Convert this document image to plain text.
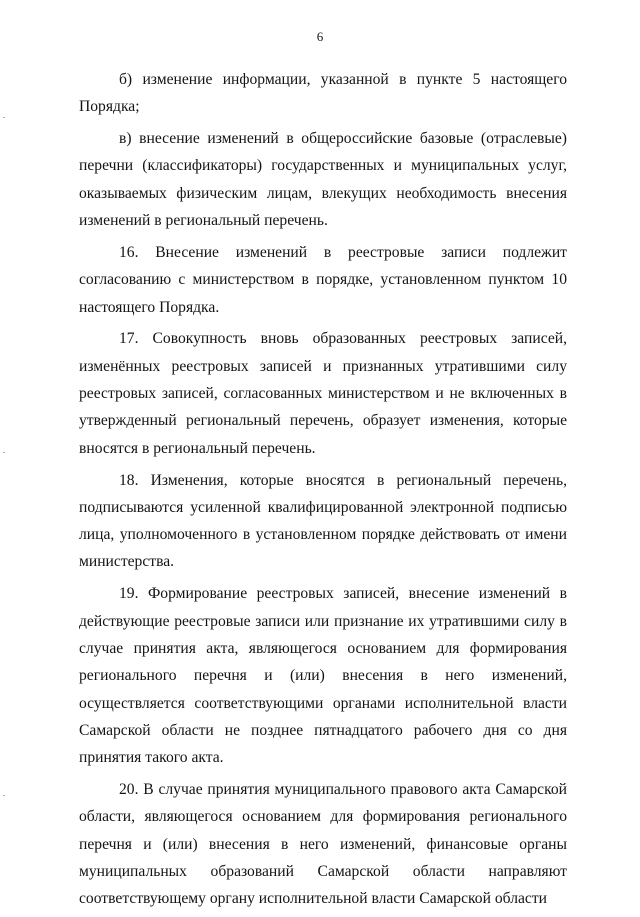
6

б) изменение информации, указанной в пункте 5 настоящего Порядка;

в) внесение изменений в общероссийские базовые (отраслевые) перечни (классификаторы) государственных и муниципальных услуг, оказываемых физическим лицам, влекущих необходимость внесения изменений в региональный перечень.

16. Внесение изменений в реестровые записи подлежит согласованию с министерством в порядке, установленном пунктом 10 настоящего Порядка.

17. Совокупность вновь образованных реестровых записей, изменённых реестровых записей и признанных утратившими силу реестровых записей, согласованных министерством и не включенных в утвержденный региональный перечень, образует изменения, которые вносятся в региональный перечень.

18. Изменения, которые вносятся в региональный перечень, подписываются усиленной квалифицированной электронной подписью лица, уполномоченного в установленном порядке действовать от имени министерства.

19. Формирование реестровых записей, внесение изменений в действующие реестровые записи или признание их утратившими силу в случае принятия акта, являющегося основанием для формирования регионального перечня и (или) внесения в него изменений, осуществляется соответствующими органами исполнительной власти Самарской области не позднее пятнадцатого рабочего дня со дня принятия такого акта.

20. В случае принятия муниципального правового акта Самарской области, являющегося основанием для формирования регионального перечня и (или) внесения в него изменений, финансовые органы муниципальных образований Самарской области направляют соответствующему органу исполнительной власти Самарской области
